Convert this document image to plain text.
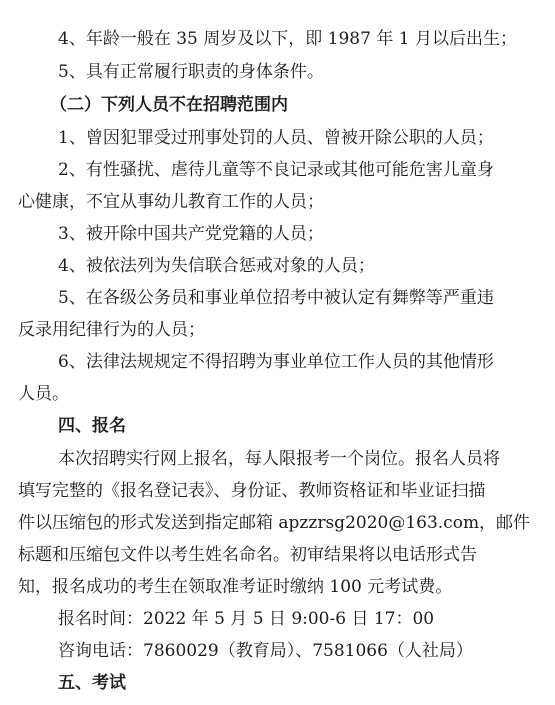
4、年龄一般在 35 周岁及以下，即 1987 年 1 月以后出生；
5、具有正常履行职责的身体条件。
（二）下列人员不在招聘范围内
1、曾因犯罪受过刑事处罚的人员、曾被开除公职的人员；
2、有性骚扰、虐待儿童等不良记录或其他可能危害儿童身
心健康，不宜从事幼儿教育工作的人员；
3、被开除中国共产党党籍的人员；
4、被依法列为失信联合惩戒对象的人员；
5、在各级公务员和事业单位招考中被认定有舞弊等严重违
反录用纪律行为的人员；
6、法律法规规定不得招聘为事业单位工作人员的其他情形
人员。
四、报名
本次招聘实行网上报名，每人限报考一个岗位。报名人员将
填写完整的《报名登记表》、身份证、教师资格证和毕业证扫描
件以压缩包的形式发送到指定邮箱 apzzrsg2020@163.com，邮件
标题和压缩包文件以考生姓名命名。初审结果将以电话形式告
知，报名成功的考生在领取准考证时缴纳 100 元考试费。
报名时间：2022 年 5 月 5 日 9:00-6 日 17：00
咨询电话：7860029（教育局）、7581066（人社局）
五、考试
